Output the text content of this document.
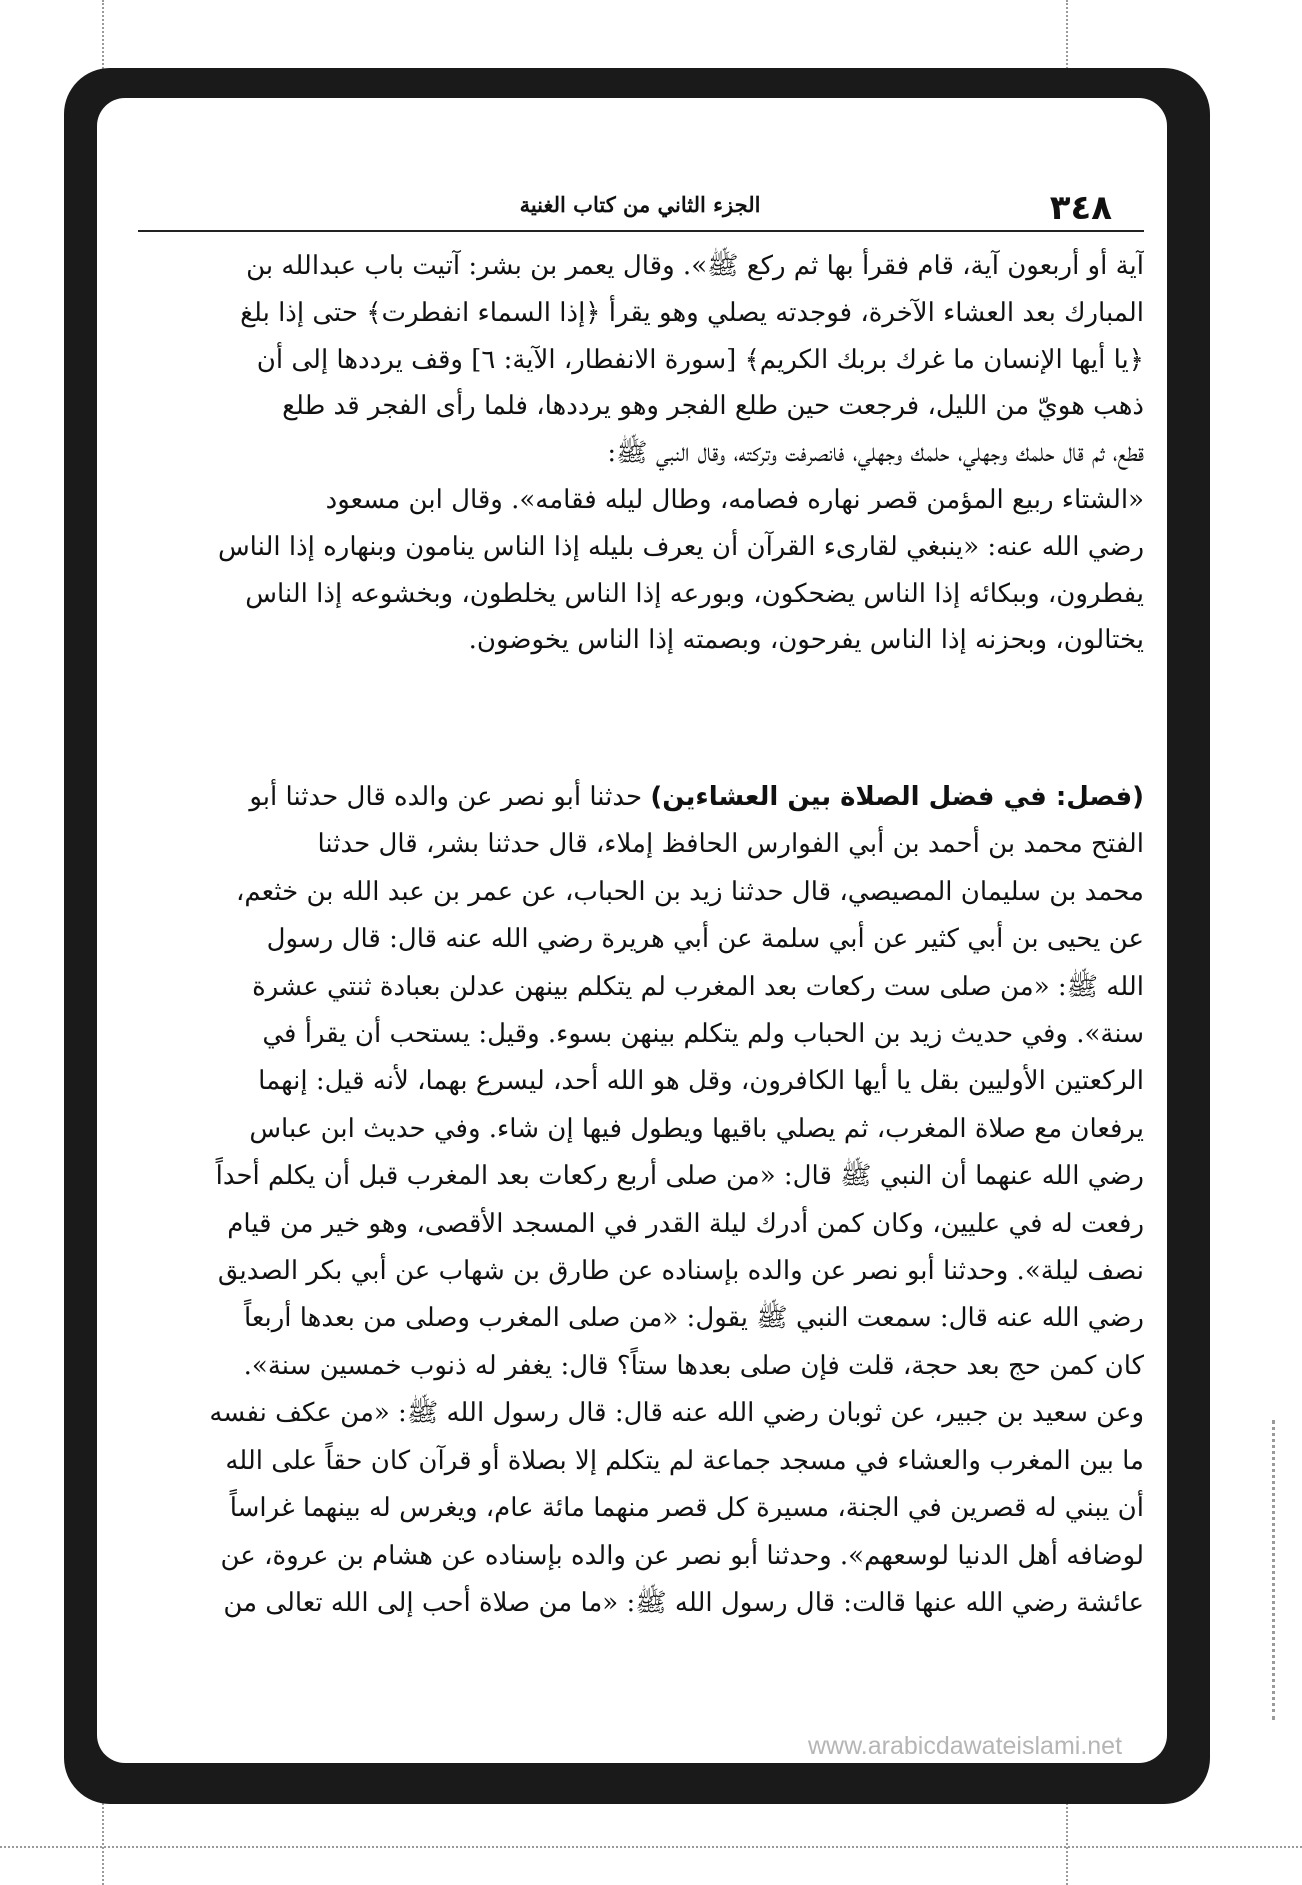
٣٤٨
الجزء الثاني من كتاب الغنية
آية أو أربعون آية، قام فقرأ بها ثم ركع ﷺ». وقال يعمر بن بشر: آتيت باب عبدالله بن
المبارك بعد العشاء الآخرة، فوجدته يصلي وهو يقرأ ﴿إذا السماء انفطرت﴾ حتى إذا بلغ
﴿يا أيها الإنسان ما غرك بربك الكريم﴾ [سورة الانفطار، الآية: ٦] وقف يرددها إلى أن
ذهب هويّ من الليل، فرجعت حين طلع الفجر وهو يرددها، فلما رأى الفجر قد طلع
قطع، ثم قال حلمك وجهلي، حلمك وجهلي، فانصرفت وتركته، وقال النبي ﷺ:
«الشتاء ربيع المؤمن قصر نهاره فصامه، وطال ليله فقامه». وقال ابن مسعود
رضي الله عنه: «ينبغي لقارىء القرآن أن يعرف بليله إذا الناس ينامون وبنهاره إذا الناس
يفطرون، وببكائه إذا الناس يضحكون، وبورعه إذا الناس يخلطون، وبخشوعه إذا الناس
يختالون، وبحزنه إذا الناس يفرحون، وبصمته إذا الناس يخوضون.
(فصل: في فضل الصلاة بين العشاءين) حدثنا أبو نصر عن والده قال حدثنا أبو
الفتح محمد بن أحمد بن أبي الفوارس الحافظ إملاء، قال حدثنا بشر، قال حدثنا
محمد بن سليمان المصيصي، قال حدثنا زيد بن الحباب، عن عمر بن عبد الله بن خثعم،
عن يحيى بن أبي كثير عن أبي سلمة عن أبي هريرة رضي الله عنه قال: قال رسول
الله ﷺ: «من صلى ست ركعات بعد المغرب لم يتكلم بينهن عدلن بعبادة ثنتي عشرة
سنة». وفي حديث زيد بن الحباب ولم يتكلم بينهن بسوء. وقيل: يستحب أن يقرأ في
الركعتين الأوليين بقل يا أيها الكافرون، وقل هو الله أحد، ليسرع بهما، لأنه قيل: إنهما
يرفعان مع صلاة المغرب، ثم يصلي باقيها ويطول فيها إن شاء. وفي حديث ابن عباس
رضي الله عنهما أن النبي ﷺ قال: «من صلى أربع ركعات بعد المغرب قبل أن يكلم أحداً
رفعت له في عليين، وكان كمن أدرك ليلة القدر في المسجد الأقصى، وهو خير من قيام
نصف ليلة». وحدثنا أبو نصر عن والده بإسناده عن طارق بن شهاب عن أبي بكر الصديق
رضي الله عنه قال: سمعت النبي ﷺ يقول: «من صلى المغرب وصلى من بعدها أربعاً
كان كمن حج بعد حجة، قلت فإن صلى بعدها ستاً؟ قال: يغفر له ذنوب خمسين سنة».
وعن سعيد بن جبير، عن ثوبان رضي الله عنه قال: قال رسول الله ﷺ: «من عكف نفسه
ما بين المغرب والعشاء في مسجد جماعة لم يتكلم إلا بصلاة أو قرآن كان حقاً على الله
أن يبني له قصرين في الجنة، مسيرة كل قصر منهما مائة عام، ويغرس له بينهما غراساً
لوضافه أهل الدنيا لوسعهم». وحدثنا أبو نصر عن والده بإسناده عن هشام بن عروة، عن
عائشة رضي الله عنها قالت: قال رسول الله ﷺ: «ما من صلاة أحب إلى الله تعالى من
www.arabicdawateislami.net
